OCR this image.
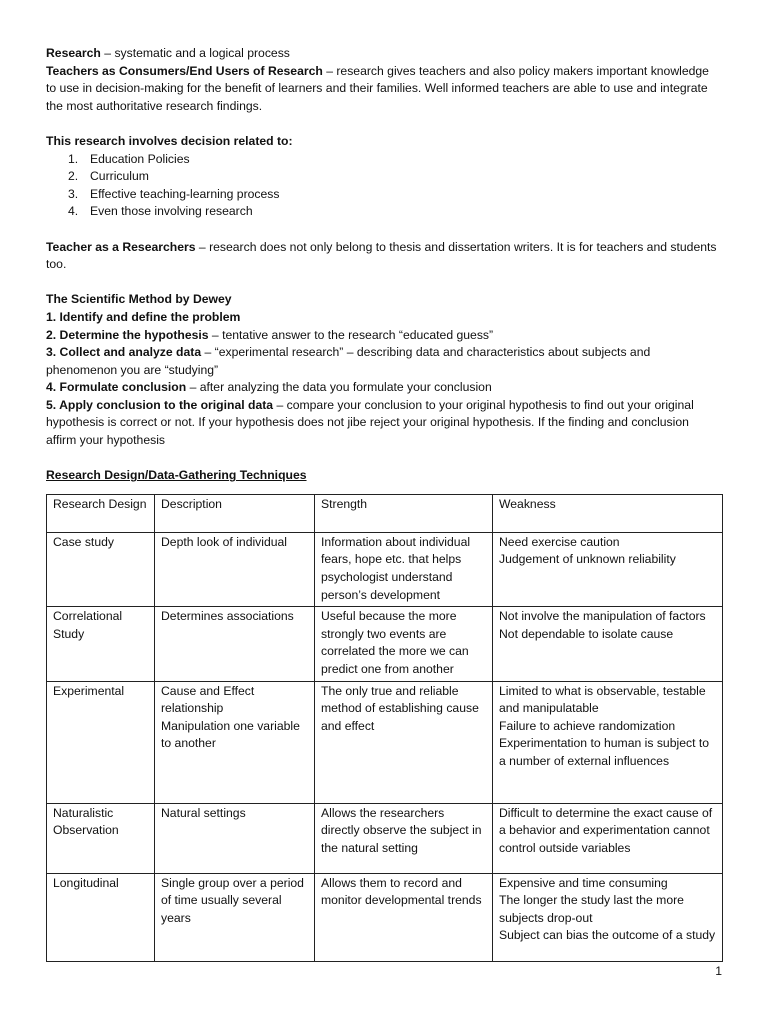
Research – systematic and a logical process

Teachers as Consumers/End Users of Research – research gives teachers and also policy makers important knowledge to use in decision-making for the benefit of learners and their families. Well informed teachers are able to use and integrate the most authoritative research findings.

This research involves decision related to:

1. Education Policies
2. Curriculum
3. Effective teaching-learning process
4. Even those involving research

Teacher as a Researchers – research does not only belong to thesis and dissertation writers. It is for teachers and students too.

The Scientific Method by Dewey

1. Identify and define the problem

2. Determine the hypothesis – tentative answer to the research “educated guess”

3. Collect and analyze data – “experimental research” – describing data and characteristics about subjects and phenomenon you are “studying”

4. Formulate conclusion – after analyzing the data you formulate your conclusion

5. Apply conclusion to the original data – compare your conclusion to your original hypothesis to find out your original hypothesis is correct or not. If your hypothesis does not jibe reject your original hypothesis. If the finding and conclusion affirm your hypothesis

Research Design/Data-Gathering Techniques

Research Design	Description	Strength	Weakness
Case study	Depth look of individual	Information about individual fears, hope etc. that helps psychologist understand person’s development	Need exercise caution
Judgement of unknown reliability

Correlational Study	Determines associations	Useful because the more strongly two events are correlated the more we can predict one from another	Not involve the manipulation of factors
Not dependable to isolate cause

Experimental	Cause and Effect relationship
Manipulation one variable to another	The only true and reliable method of establishing cause and effect	Limited to what is observable, testable and manipulatable
Failure to achieve randomization
Experimentation to human is subject to a number of external influences

Naturalistic Observation	Natural settings	Allows the researchers directly observe the subject in the natural setting	Difficult to determine the exact cause of a behavior and experimentation cannot control outside variables

Longitudinal	Single group over a period of time usually several years	Allows them to record and monitor developmental trends	Expensive and time consuming
The longer the study last the more subjects drop-out
Subject can bias the outcome of a study
1
